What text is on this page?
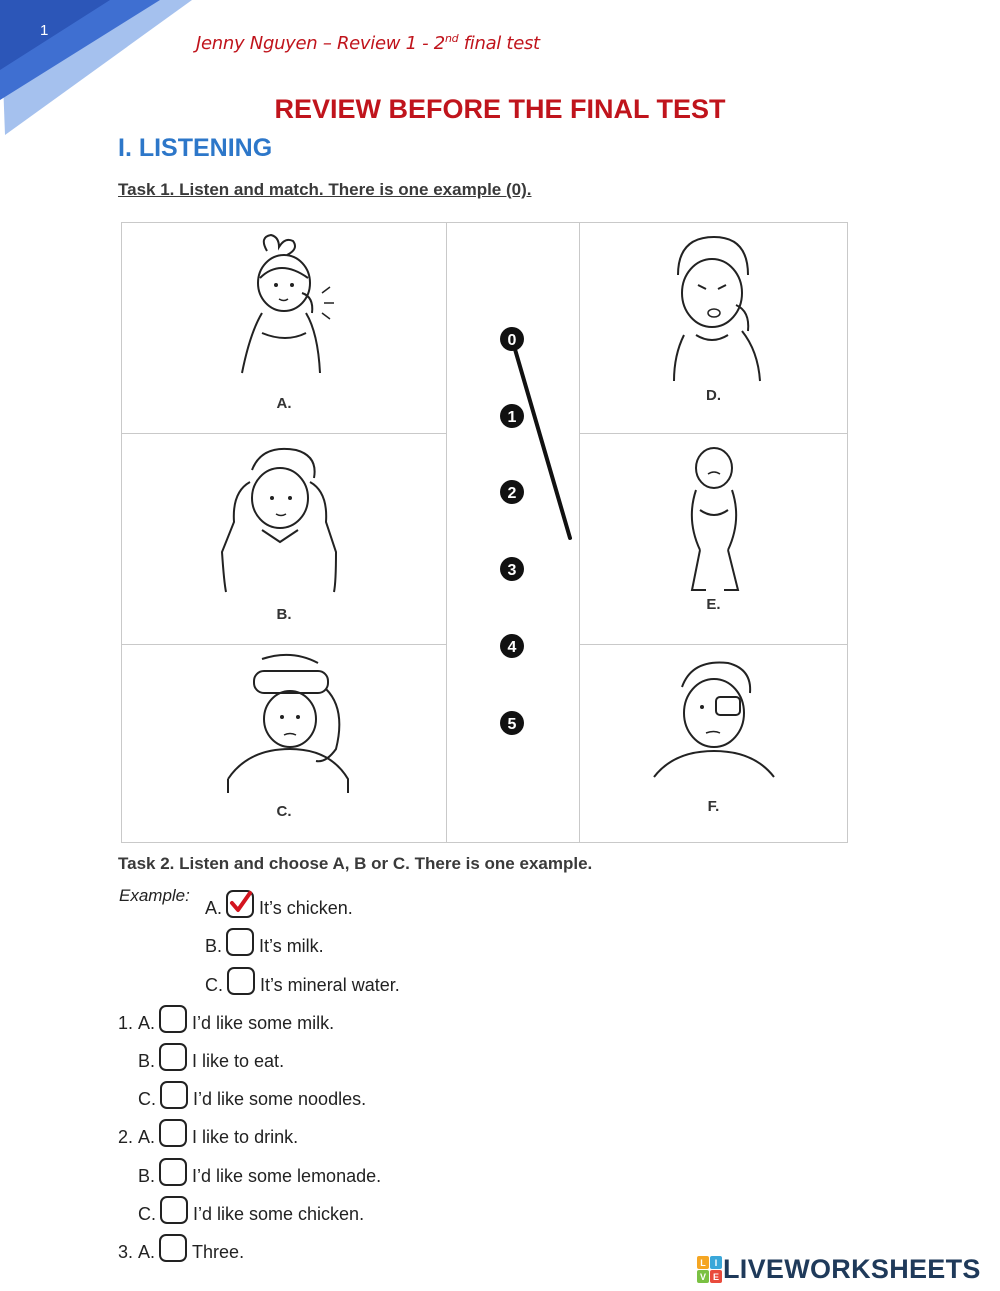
1
Jenny Nguyen – Review 1 - 2nd final test
REVIEW BEFORE THE FINAL TEST
I. LISTENING
Task 1. Listen and match. There is one example (0).
A.
B.
C.
0
1
2
3
4
5
D.
E.
F.
Task 2. Listen and choose A, B or C. There is one example.
Example:
A. It’s chicken.
B. It’s milk.
C. It’s mineral water.
1. A. I’d like some milk.
B. I like to eat.
C. I’d like some noodles.
2. A. I like to drink.
B. I’d like some lemonade.
C. I’d like some chicken.
3. A. Three.
L I
V E LIVEWORKSHEETS
